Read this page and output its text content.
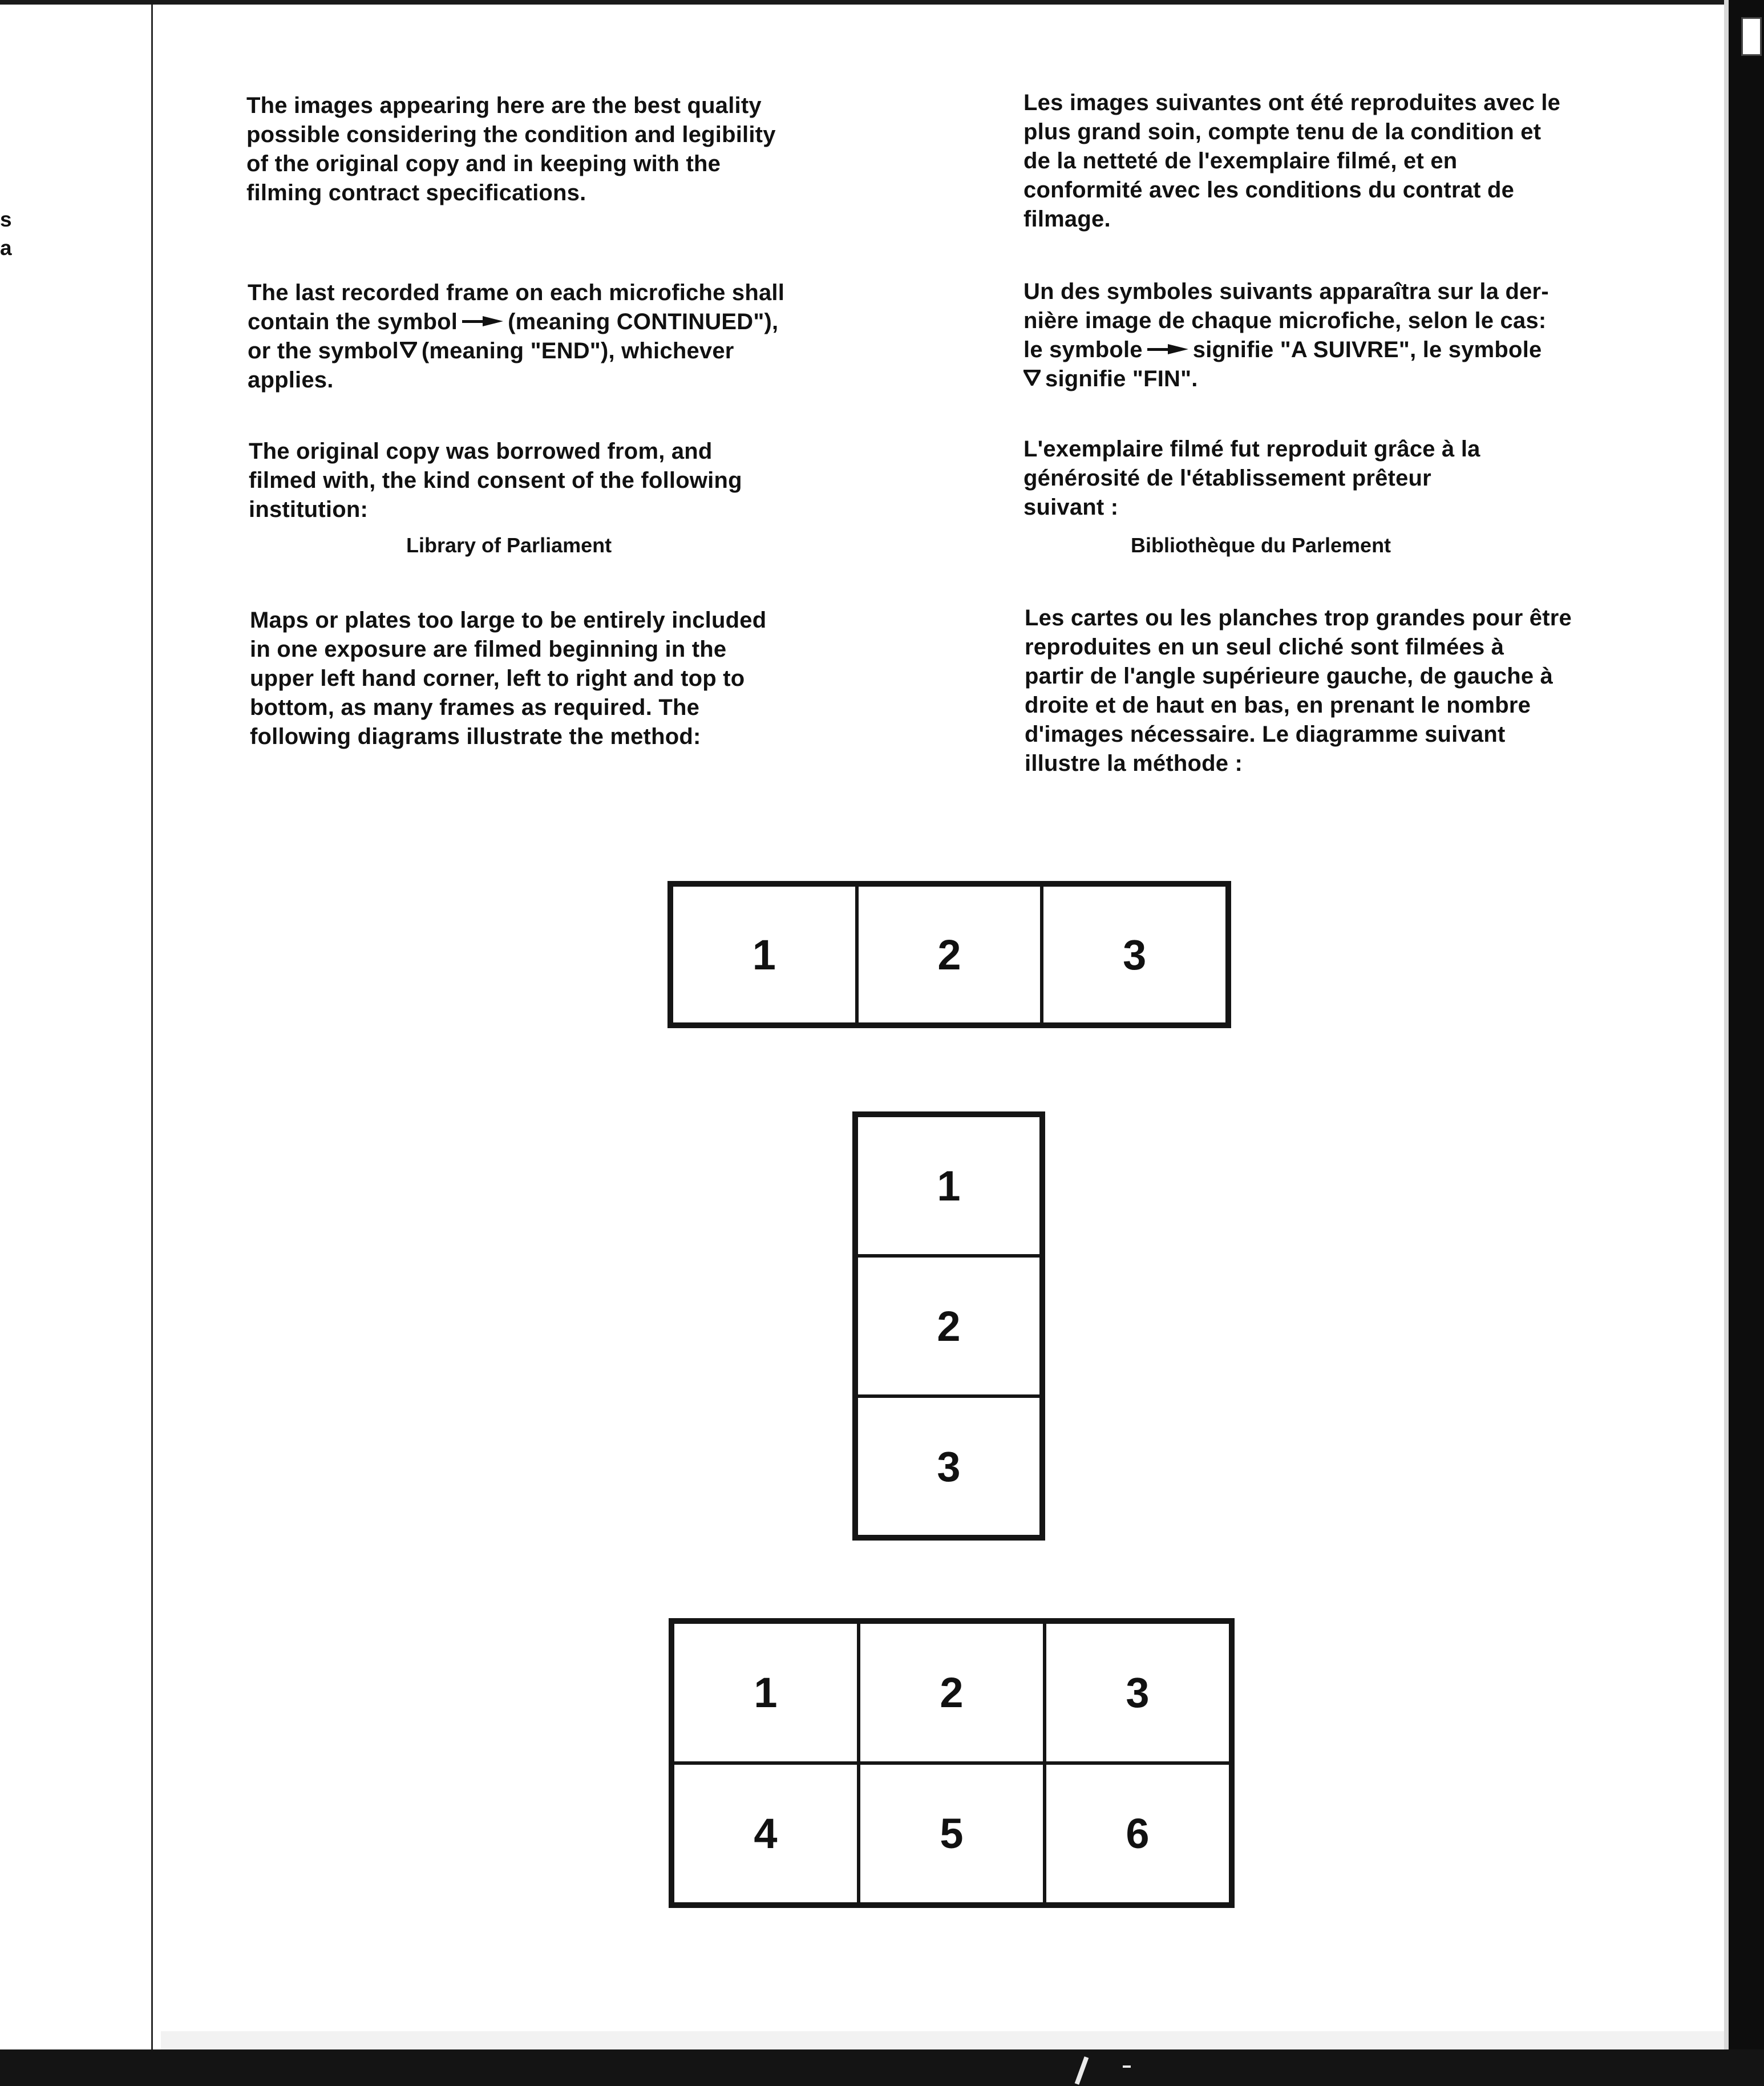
s
a
The images appearing here are the best quality
possible considering the condition and legibility
of the original copy and in keeping with the
filming contract specifications.
The last recorded frame on each microfiche shall
contain the symbol (meaning CONTINUED"),
or the symbol (meaning "END"), whichever
applies.
The original copy was borrowed from, and
filmed with, the kind consent of the following
institution:
Library of Parliament
Maps or plates too large to be entirely included
in one exposure are filmed beginning in the
upper left hand corner, left to right and top to
bottom, as many frames as required. The
following diagrams illustrate the method:
Les images suivantes ont été reproduites avec le
plus grand soin, compte tenu de la condition et
de la netteté de l'exemplaire filmé, et en
conformité avec les conditions du contrat de
filmage.
Un des symboles suivants apparaîtra sur la der-
nière image de chaque microfiche, selon le cas:
le symbole signifie "A SUIVRE", le symbole
signifie "FIN".
L'exemplaire filmé fut reproduit grâce à la
générosité de l'établissement prêteur
suivant :
Bibliothèque du Parlement
Les cartes ou les planches trop grandes pour être
reproduites en un seul cliché sont filmées à
partir de l'angle supérieure gauche, de gauche à
droite et de haut en bas, en prenant le nombre
d'images nécessaire. Le diagramme suivant
illustre la méthode :
1	2	3
1
2
3
1	2	3
4	5	6
